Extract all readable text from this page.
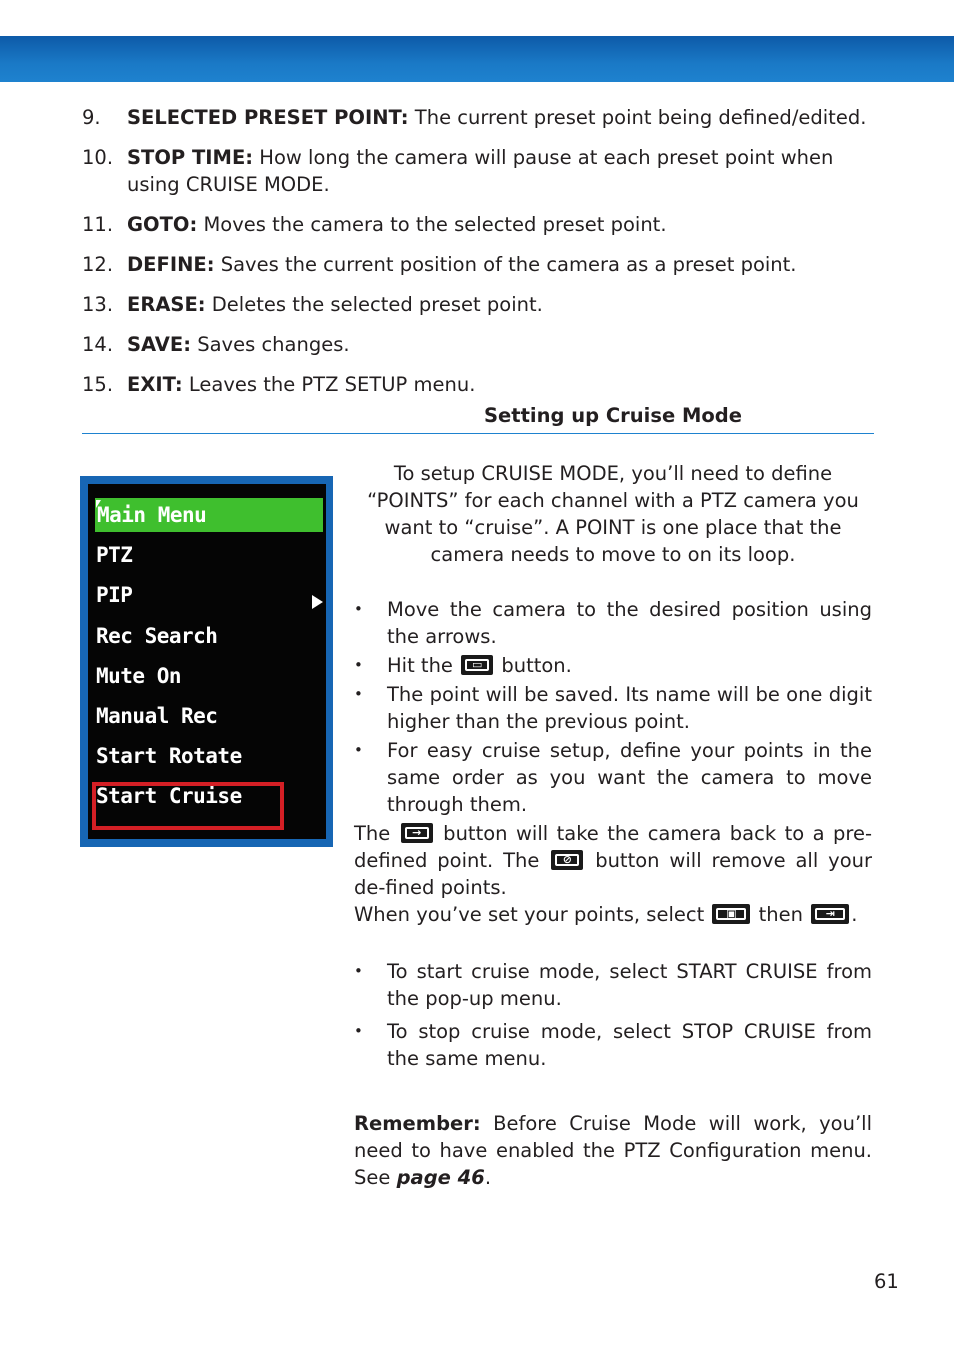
9.	SELECTED PRESET POINT: The current preset point being defined/edited.
10. STOP TIME: How long the camera will pause at each preset point when using CRUISE MODE.
11. GOTO: Moves the camera to the selected preset point.
12. DEFINE: Saves the current position of the camera as a preset point.
13. ERASE: Deletes the selected preset point.
14. SAVE: Saves changes.
15. EXIT: Leaves the PTZ SETUP menu.
Setting up Cruise Mode
Main Menu
PTZ
PIP
Rec Search
Mute On
Manual Rec
Start Rotate
Start Cruise

To setup CRUISE MODE, you’ll need to define “POINTS” for each channel with a PTZ camera you want to “cruise”. A POINT is one place that the camera needs to move to on its loop.

• Move the camera to the desired position using the arrows.
• Hit the	▭ button.
• The point will be saved. Its name will be one digit higher than the previous point.
• For easy cruise setup, define your points in the same order as you want the camera to move through them.

The	→ button will take the camera back to a pre-defined point. The	⊘ button will remove all your de-fined points.

When you’ve set your points, select	▣ then	⇥ .

• To start cruise mode, select START CRUISE from the pop-up menu.
• To stop cruise mode, select STOP CRUISE from the same menu.

Remember: Before Cruise Mode will work, you’ll need to have enabled the PTZ Configuration menu. See page 46.

61
